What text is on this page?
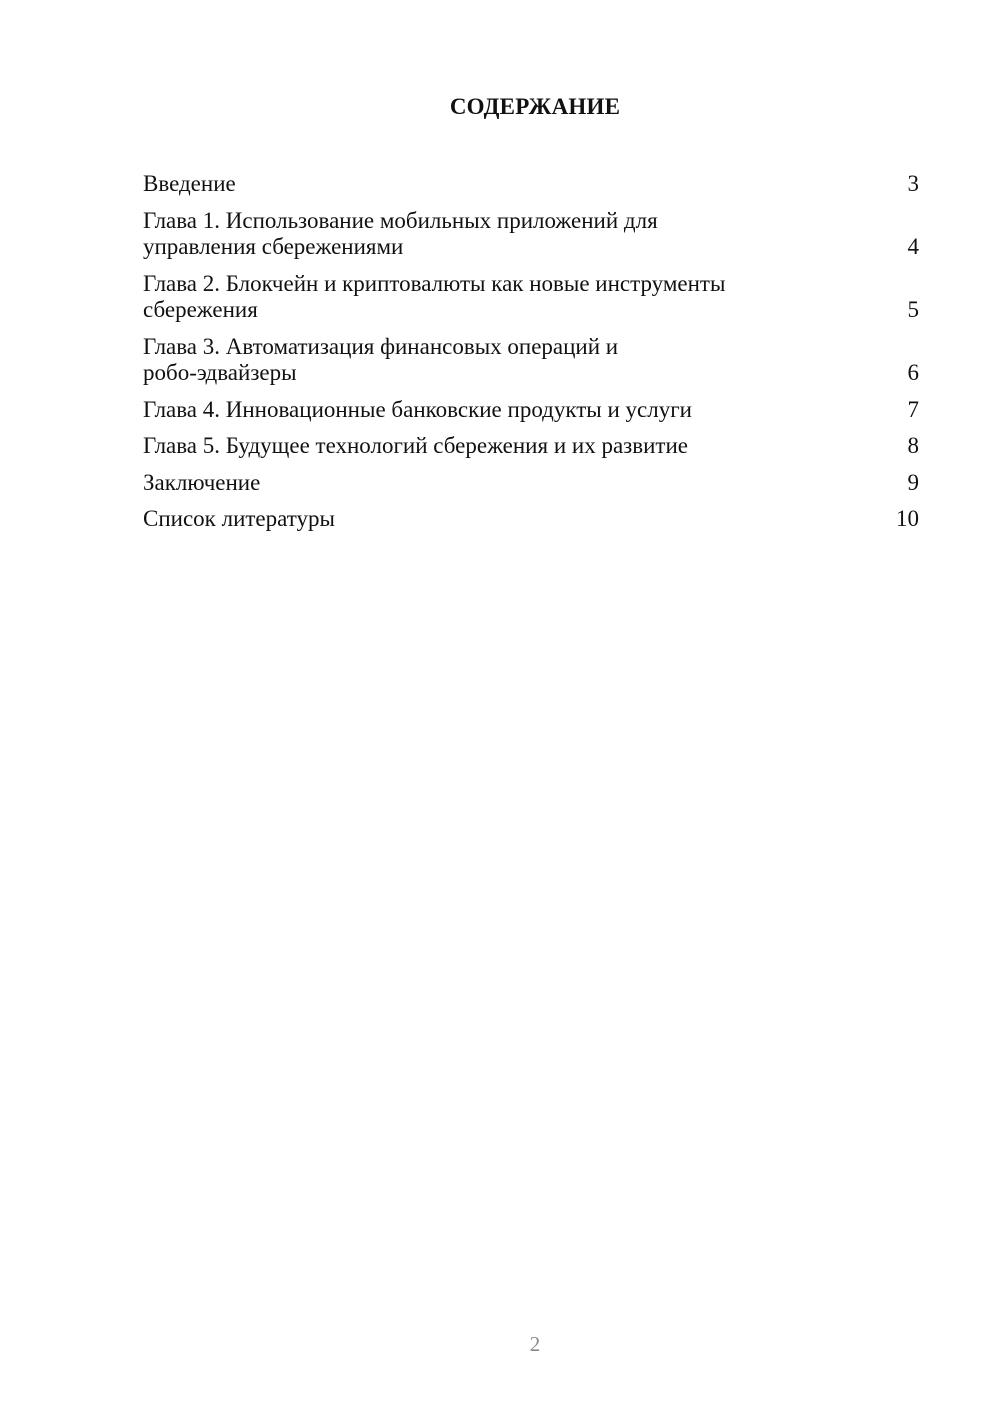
СОДЕРЖАНИЕ
Введение	3
Глава 1. Использование мобильных приложений для
управления сбережениями	4
Глава 2. Блокчейн и криптовалюты как новые инструменты
сбережения	5
Глава 3. Автоматизация финансовых операций и
робо-эдвайзеры	6
Глава 4. Инновационные банковские продукты и услуги	7
Глава 5. Будущее технологий сбережения и их развитие	8
Заключение	9
Список литературы	10
2
